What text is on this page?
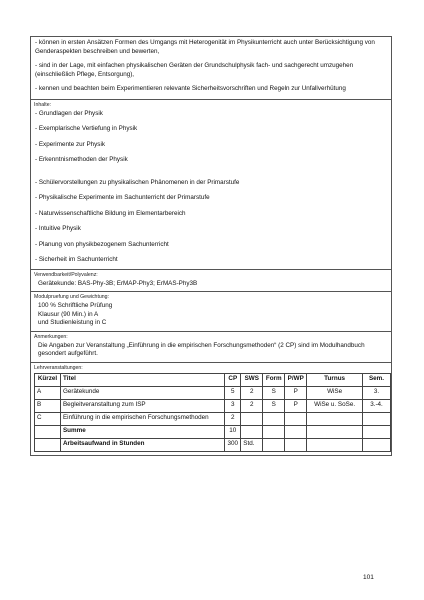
- können in ersten Ansätzen Formen des Umgangs mit Heterogenität im Physikunterricht auch unter Berücksichtigung von Genderaspekten beschreiben und bewerten,
- sind in der Lage, mit einfachen physikalischen Geräten der Grundschulphysik fach- und sachgerecht umzugehen (einschließlich Pflege, Entsorgung),
- kennen und beachten beim Experimentieren relevante Sicherheitsvorschriften und Regeln zur Unfallverhütung
Inhalte:
- Grundlagen der Physik
- Exemplarische Vertiefung in Physik
- Experimente zur Physik
- Erkenntnismethoden der Physik
- Schülervorstellungen zu physikalischen Phänomenen in der Primarstufe
- Physikalische Experimente im Sachunterricht der Primarstufe
- Naturwissenschaftliche Bildung im Elementarbereich
- Intuitive Physik
- Planung von physikbezogenem Sachunterricht
- Sicherheit im Sachunterricht
Verwendbarkeit/Polyvalenz:
Gerätekunde: BAS-Phy-3B; ErMAP-Phy3; ErMAS-Phy3B
Modulpruefung und Gewichtung:
100 % Schriftliche Prüfung
Klausur (90 Min.) in A
und Studienleistung in C
Anmerkungen:
Die Angaben zur Veranstaltung „Einführung in die empirischen Forschungsmethoden“ (2 CP) sind im Modulhandbuch gesondert aufgeführt.
Lehrveranstaltungen:
Kürzel	Titel	CP	SWS	Form	P/WP	Turnus	Sem.
A	Gerätekunde	5	2	S	P	WiSe	3.
B	Begleitveranstaltung zum ISP	3	2	S	P	WiSe u. SoSe.	3.-4.
C	Einführung in die empirischen Forschungsmethoden	2					
	Summe	10					
	Arbeitsaufwand in Stunden	300	Std.				
101
